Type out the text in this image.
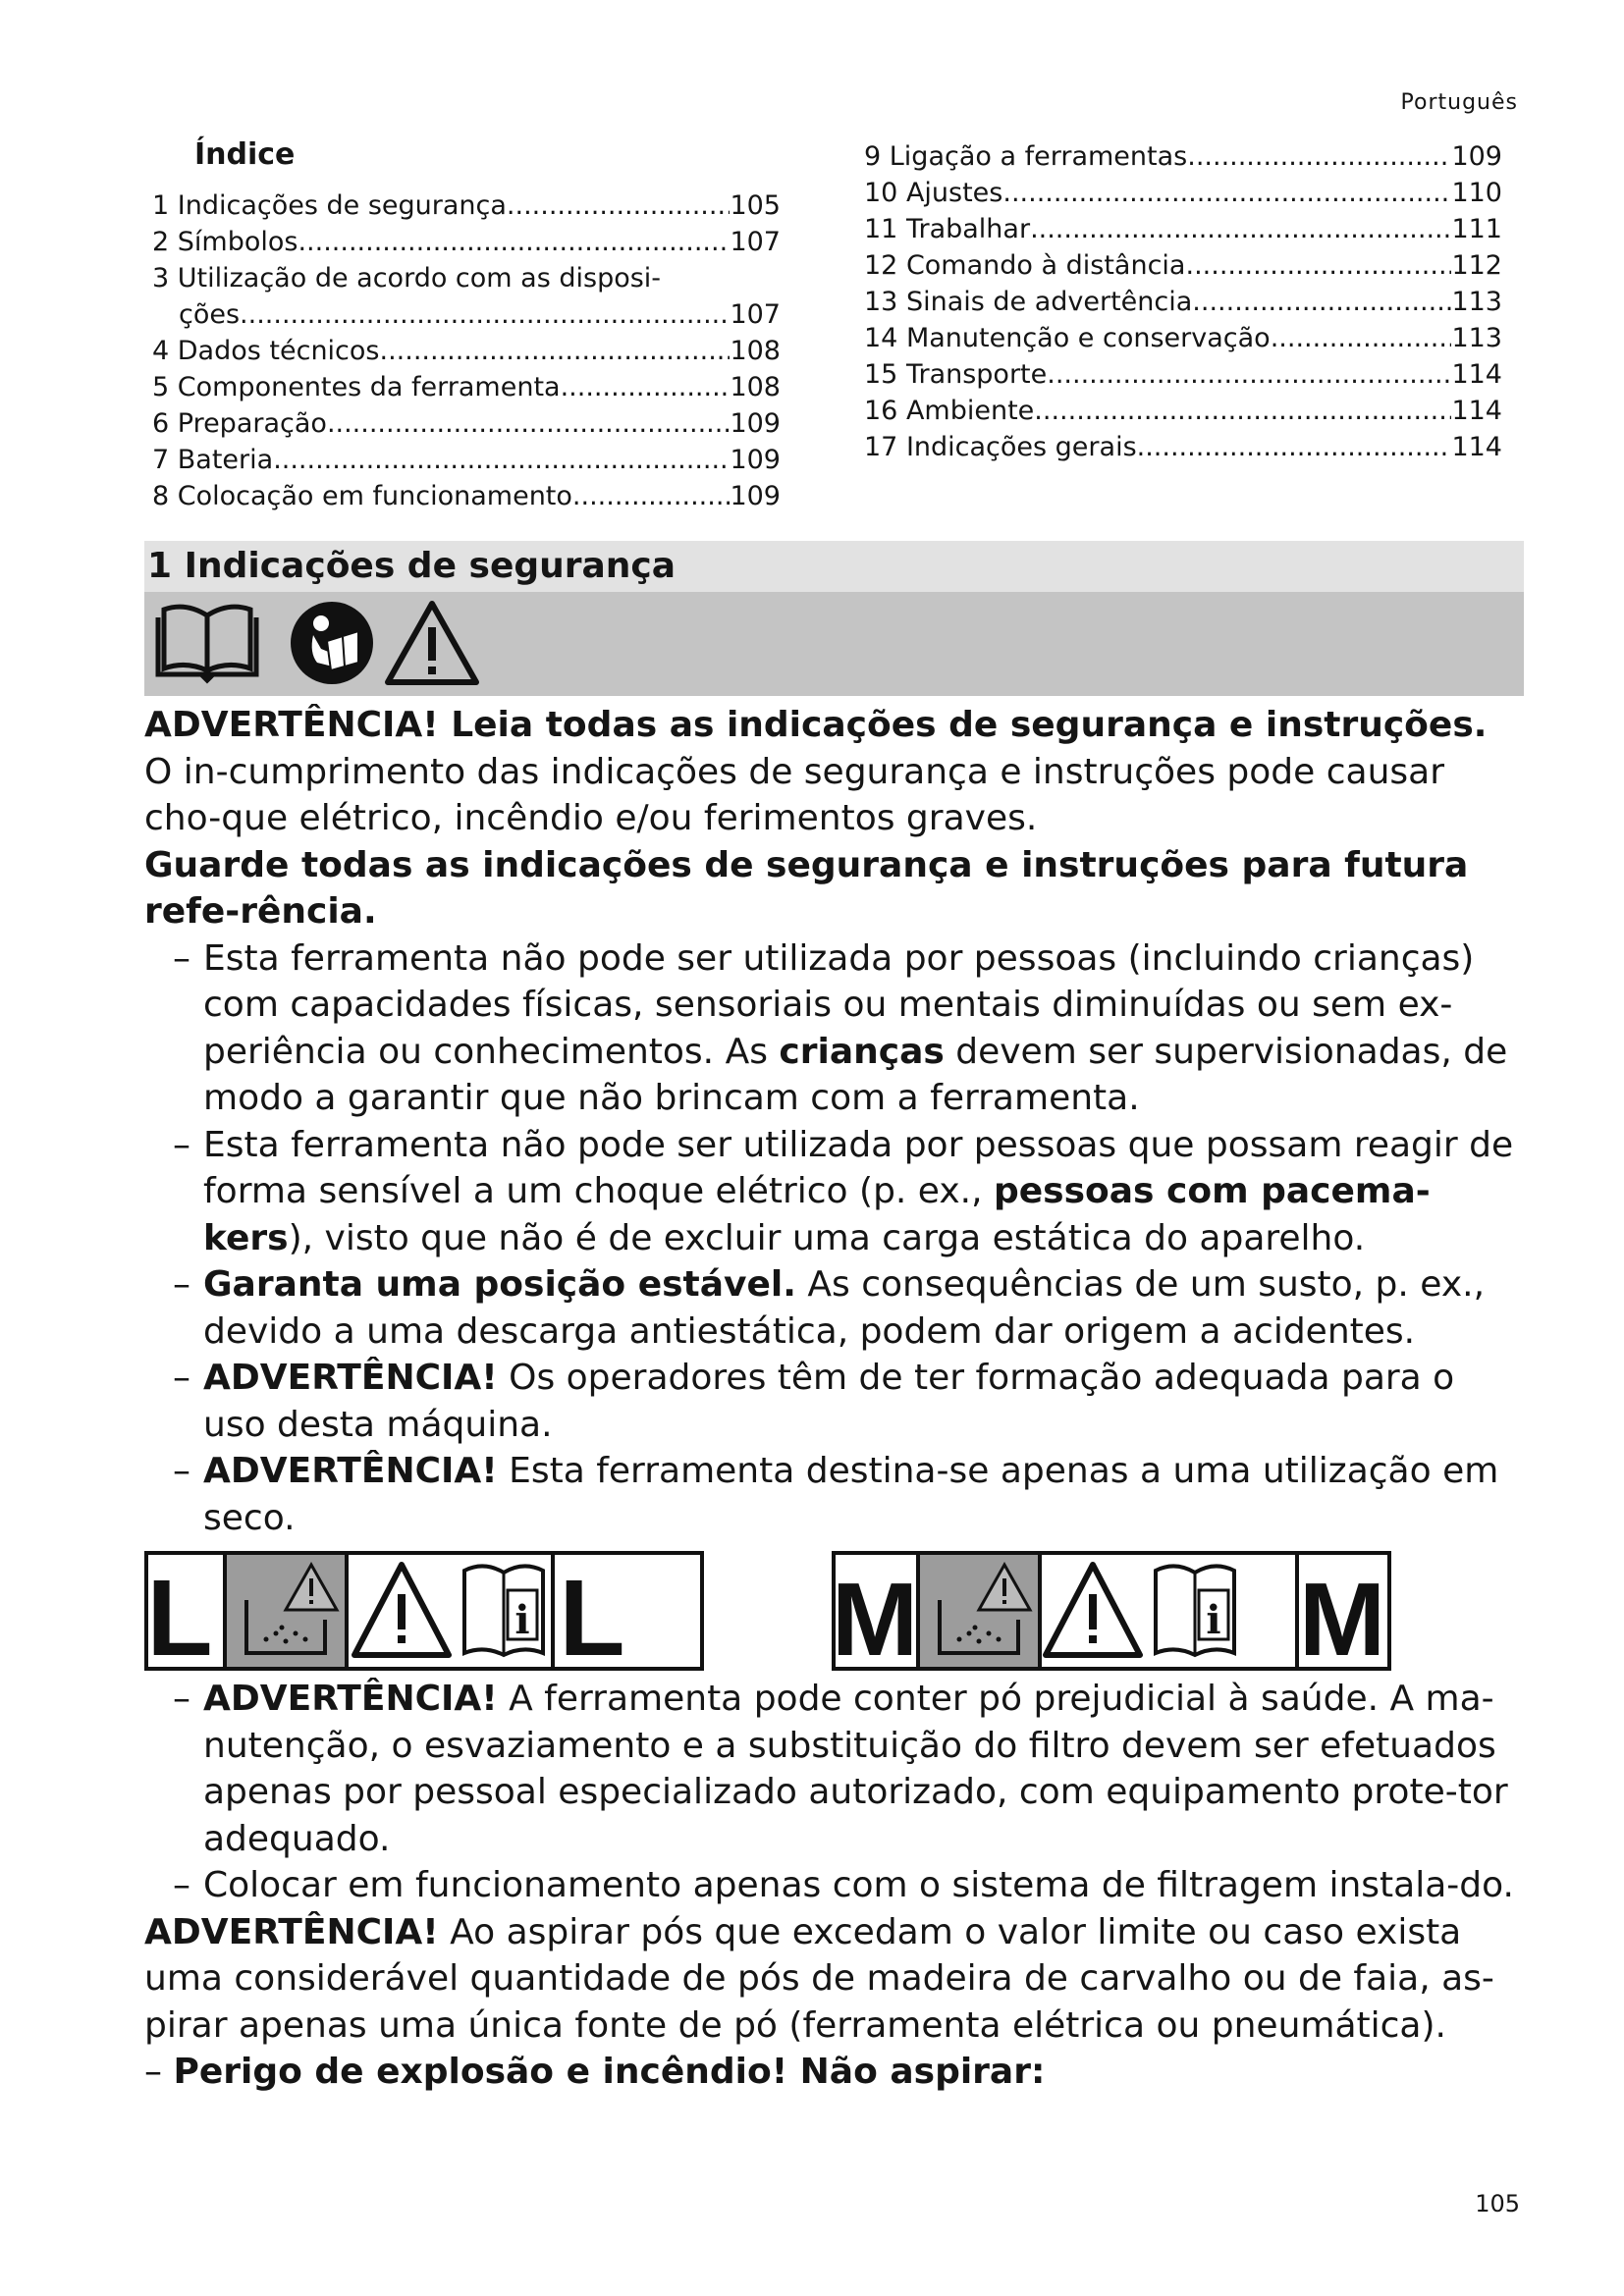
Português
Índice
1 Indicações de segurança .....	105
2 Símbolos .....	107
3 Utilização de acordo com as disposi-
ções .....	107
4 Dados técnicos .....	108
5 Componentes da ferramenta .....	108
6 Preparação .....	109
7 Bateria .....	109
8 Colocação em funcionamento .....	109
9 Ligação a ferramentas .....	109
10 Ajustes .....	110
11 Trabalhar .....	111
12 Comando à distância .....	112
13 Sinais de advertência .....	113
14 Manutenção e conservação .....	113
15 Transporte .....	114
16 Ambiente .....	114
17 Indicações gerais .....	114
1 Indicações de segurança

ADVERTÊNCIA! Leia todas as indicações de segurança e instruções. O in-cumprimento das indicações de segurança e instruções pode causar cho-que elétrico, incêndio e/ou ferimentos graves.

Guarde todas as indicações de segurança e instruções para futura refe-rência.

– Esta ferramenta não pode ser utilizada por pessoas (incluindo crianças) com capacidades físicas, sensoriais ou mentais diminuídas ou sem ex-periência ou conhecimentos. As crianças devem ser supervisionadas, de modo a garantir que não brincam com a ferramenta.

– Esta ferramenta não pode ser utilizada por pessoas que possam reagir de forma sensível a um choque elétrico (p. ex., pessoas com pacema-kers), visto que não é de excluir uma carga estática do aparelho.

– Garanta uma posição estável. As consequências de um susto, p. ex., devido a uma descarga antiestática, podem dar origem a acidentes.

– ADVERTÊNCIA! Os operadores têm de ter formação adequada para o uso desta máquina.

– ADVERTÊNCIA! Esta ferramenta destina-se apenas a uma utilização em seco.

L	i L M	i M

– ADVERTÊNCIA! A ferramenta pode conter pó prejudicial à saúde. A ma-nutenção, o esvaziamento e a substituição do filtro devem ser efetuados apenas por pessoal especializado autorizado, com equipamento prote-tor adequado.

– Colocar em funcionamento apenas com o sistema de filtragem instala-do.

ADVERTÊNCIA! Ao aspirar pós que excedam o valor limite ou caso exista uma considerável quantidade de pós de madeira de carvalho ou de faia, as-pirar apenas uma única fonte de pó (ferramenta elétrica ou pneumática).

– Perigo de explosão e incêndio! Não aspirar:

105
